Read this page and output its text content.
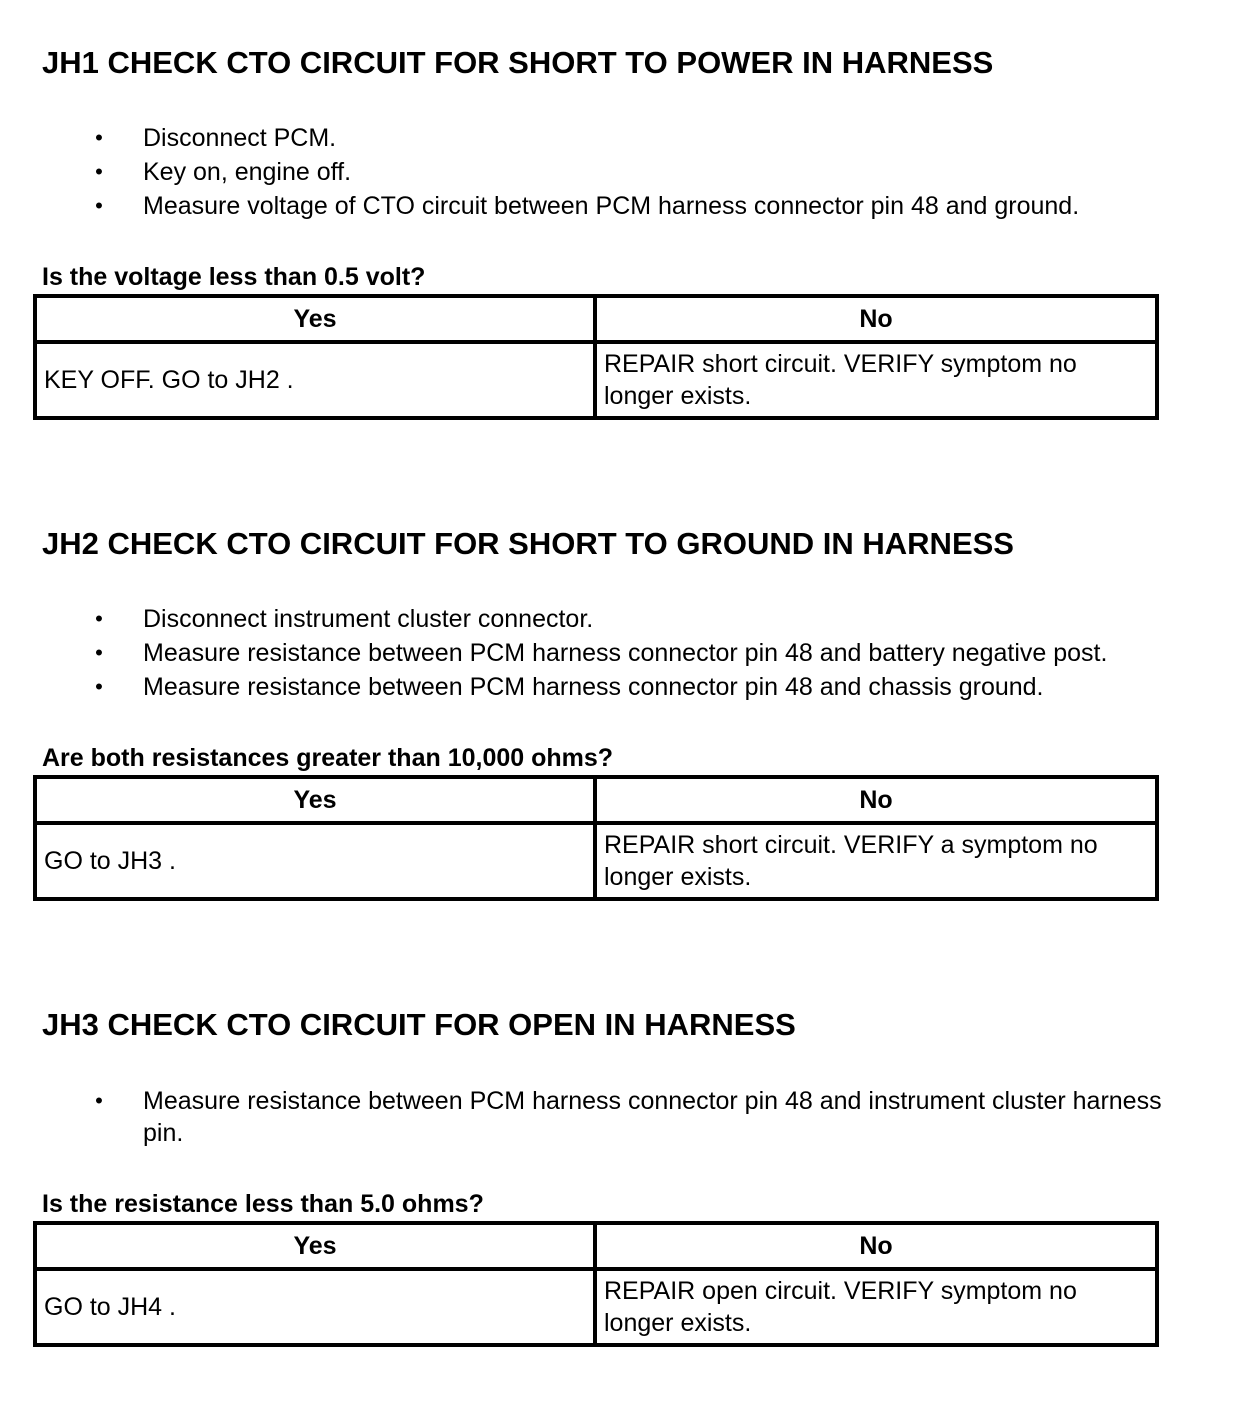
JH1 CHECK CTO CIRCUIT FOR SHORT TO POWER IN HARNESS
• Disconnect PCM.
• Key on, engine off.
• Measure voltage of CTO circuit between PCM harness connector pin 48 and ground.

Is the voltage less than 0.5 volt?

Yes	No
KEY OFF. GO to JH2 .	REPAIR short circuit. VERIFY symptom no longer exists.
JH2 CHECK CTO CIRCUIT FOR SHORT TO GROUND IN HARNESS
• Disconnect instrument cluster connector.
• Measure resistance between PCM harness connector pin 48 and battery negative post.
• Measure resistance between PCM harness connector pin 48 and chassis ground.

Are both resistances greater than 10,000 ohms?

Yes	No
GO to JH3 .	REPAIR short circuit. VERIFY a symptom no longer exists.
JH3 CHECK CTO CIRCUIT FOR OPEN IN HARNESS
• Measure resistance between PCM harness connector pin 48 and instrument cluster harness pin.

Is the resistance less than 5.0 ohms?

Yes	No
GO to JH4 .	REPAIR open circuit. VERIFY symptom no longer exists.
